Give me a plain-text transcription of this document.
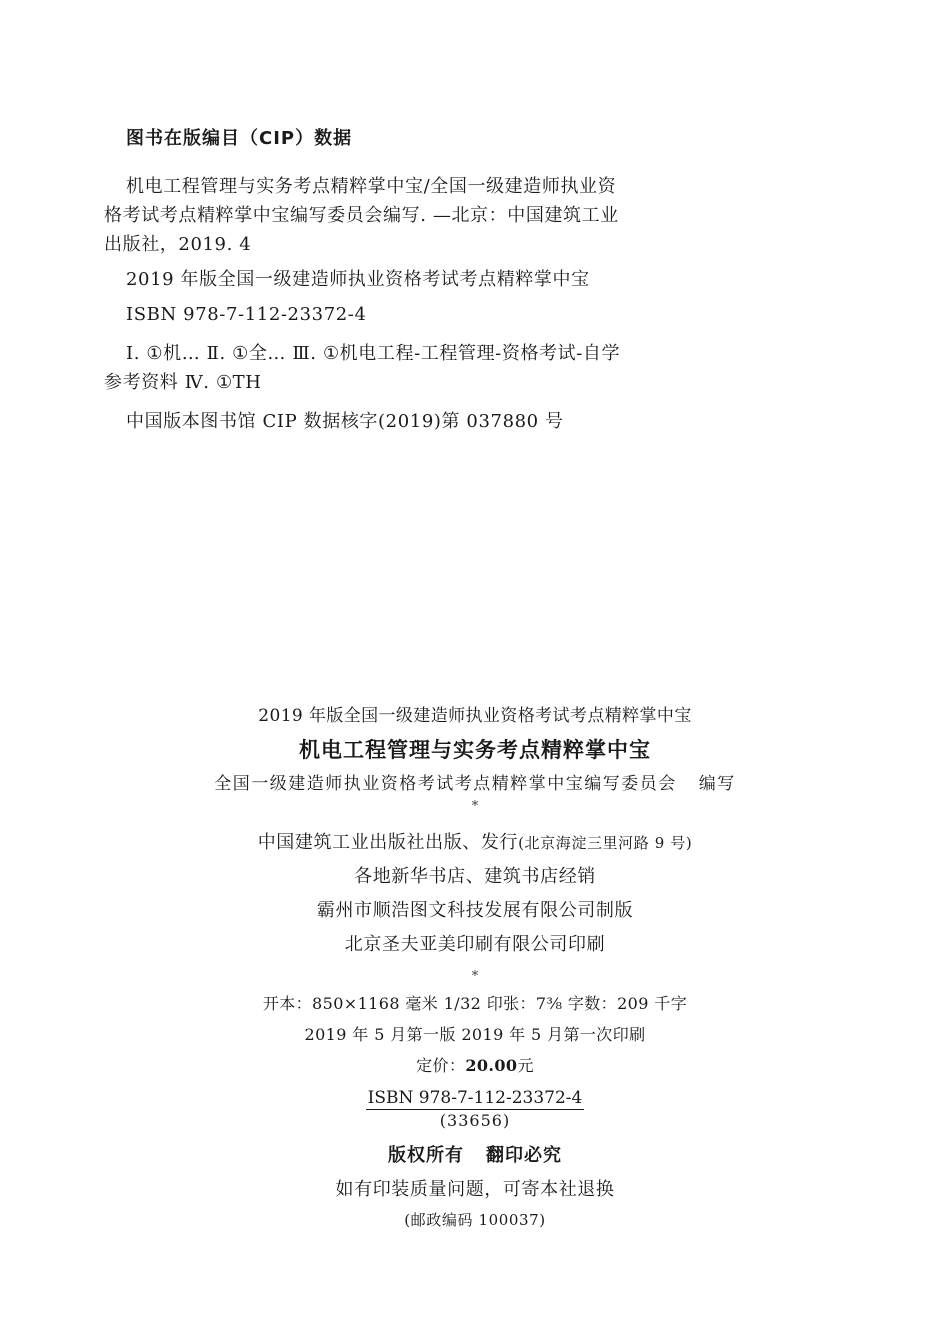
图书在版编目（CIP）数据

机电工程管理与实务考点精粹掌中宝/全国一级建造师执业资格考试考点精粹掌中宝编写委员会编写. —北京：中国建筑工业出版社，2019. 4

2019 年版全国一级建造师执业资格考试考点精粹掌中宝

ISBN 978-7-112-23372-4

Ⅰ. ①机… Ⅱ. ①全… Ⅲ. ①机电工程-工程管理-资格考试-自学参考资料 Ⅳ. ①TH

中国版本图书馆 CIP 数据核字(2019)第 037880 号

2019 年版全国一级建造师执业资格考试考点精粹掌中宝
机电工程管理与实务考点精粹掌中宝
全国一级建造师执业资格考试考点精粹掌中宝编写委员会 编写
*
中国建筑工业出版社出版、发行(北京海淀三里河路 9 号)
各地新华书店、建筑书店经销
霸州市顺浩图文科技发展有限公司制版
北京圣夫亚美印刷有限公司印刷
*
开本：850×1168 毫米 1/32 印张：7⅜ 字数：209 千字
2019 年 5 月第一版 2019 年 5 月第一次印刷
定价：20.00元
ISBN 978-7-112-23372-4
(33656)
版权所有 翻印必究
如有印装质量问题，可寄本社退换
(邮政编码 100037)
